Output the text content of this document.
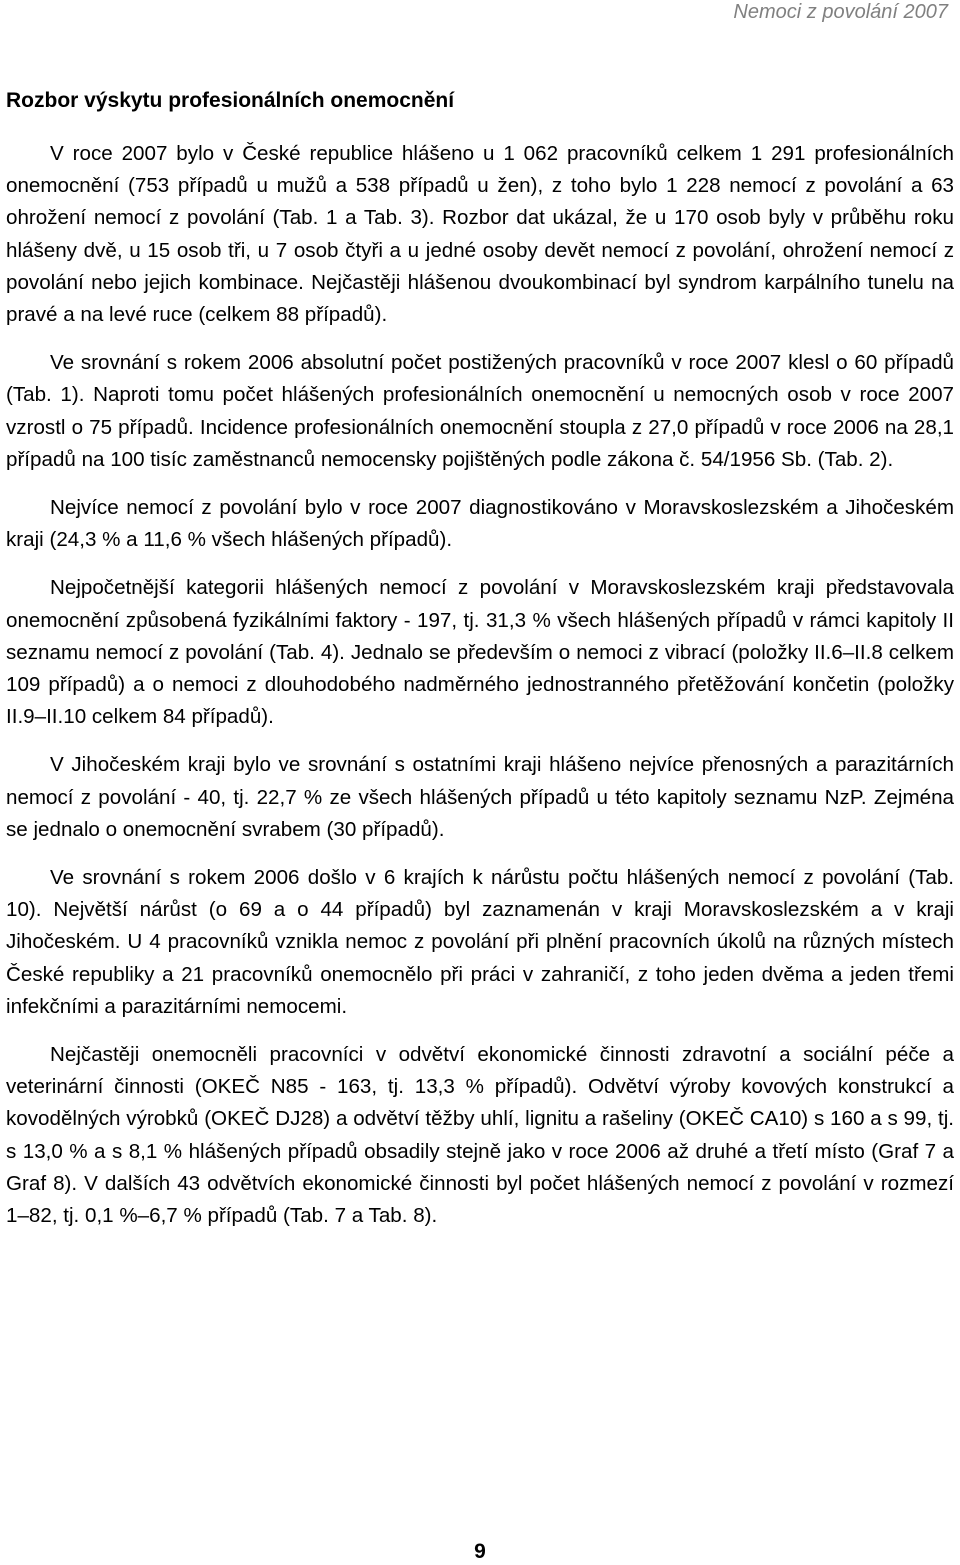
Nemoci z povolání 2007
Rozbor výskytu profesionálních onemocnění

V roce 2007 bylo v České republice hlášeno u 1 062 pracovníků celkem 1 291 profesionálních onemocnění (753 případů u mužů a 538 případů u žen), z toho bylo 1 228 nemocí z povolání a 63 ohrožení nemocí z povolání (Tab. 1 a Tab. 3). Rozbor dat ukázal, že u 170 osob byly v průběhu roku hlášeny dvě, u 15 osob tři, u 7 osob čtyři a u jedné osoby devět nemocí z povolání, ohrožení nemocí z povolání nebo jejich kombinace. Nejčastěji hlášenou dvoukombinací byl syndrom karpálního tunelu na pravé a na levé ruce (celkem 88 případů).

Ve srovnání s rokem 2006 absolutní počet postižených pracovníků v roce 2007 klesl o 60 případů (Tab. 1). Naproti tomu počet hlášených profesionálních onemocnění u nemocných osob v roce 2007 vzrostl o 75 případů. Incidence profesionálních onemocnění stoupla z 27,0 případů v roce 2006 na 28,1 případů na 100 tisíc zaměstnanců nemocensky pojištěných podle zákona č. 54/1956 Sb. (Tab. 2).

Nejvíce nemocí z povolání bylo v roce 2007 diagnostikováno v Moravskoslezském a Jihočeském kraji (24,3 % a 11,6 % všech hlášených případů).

Nejpočetnější kategorii hlášených nemocí z povolání v Moravskoslezském kraji představovala onemocnění způsobená fyzikálními faktory - 197, tj. 31,3 % všech hlášených případů v rámci kapitoly II seznamu nemocí z povolání (Tab. 4). Jednalo se především o nemoci z vibrací (položky II.6–II.8 celkem 109 případů) a o nemoci z dlouhodobého nadměrného jednostranného přetěžování končetin (položky II.9–II.10 celkem 84 případů).

V Jihočeském kraji bylo ve srovnání s ostatními kraji hlášeno nejvíce přenosných a parazitárních nemocí z povolání - 40, tj. 22,7 % ze všech hlášených případů u této kapitoly seznamu NzP. Zejména se jednalo o onemocnění svrabem (30 případů).

Ve srovnání s rokem 2006 došlo v 6 krajích k nárůstu počtu hlášených nemocí z povolání (Tab. 10). Největší nárůst (o 69 a o 44 případů) byl zaznamenán v kraji Moravskoslezském a v kraji Jihočeském. U 4 pracovníků vznikla nemoc z povolání při plnění pracovních úkolů na různých místech České republiky a 21 pracovníků onemocnělo při práci v zahraničí, z toho jeden dvěma a jeden třemi infekčními a parazitárními nemocemi.

Nejčastěji onemocněli pracovníci v odvětví ekonomické činnosti zdravotní a sociální péče a veterinární činnosti (OKEČ N85 - 163, tj. 13,3 % případů). Odvětví výroby kovových konstrukcí a kovodělných výrobků (OKEČ DJ28) a odvětví těžby uhlí, lignitu a rašeliny (OKEČ CA10) s 160 a s 99, tj. s 13,0 % a s 8,1 % hlášených případů obsadily stejně jako v roce 2006 až druhé a třetí místo (Graf 7 a Graf 8). V dalších 43 odvětvích ekonomické činnosti byl počet hlášených nemocí z povolání v rozmezí 1–82, tj. 0,1 %–6,7 % případů (Tab. 7 a Tab. 8).

9
